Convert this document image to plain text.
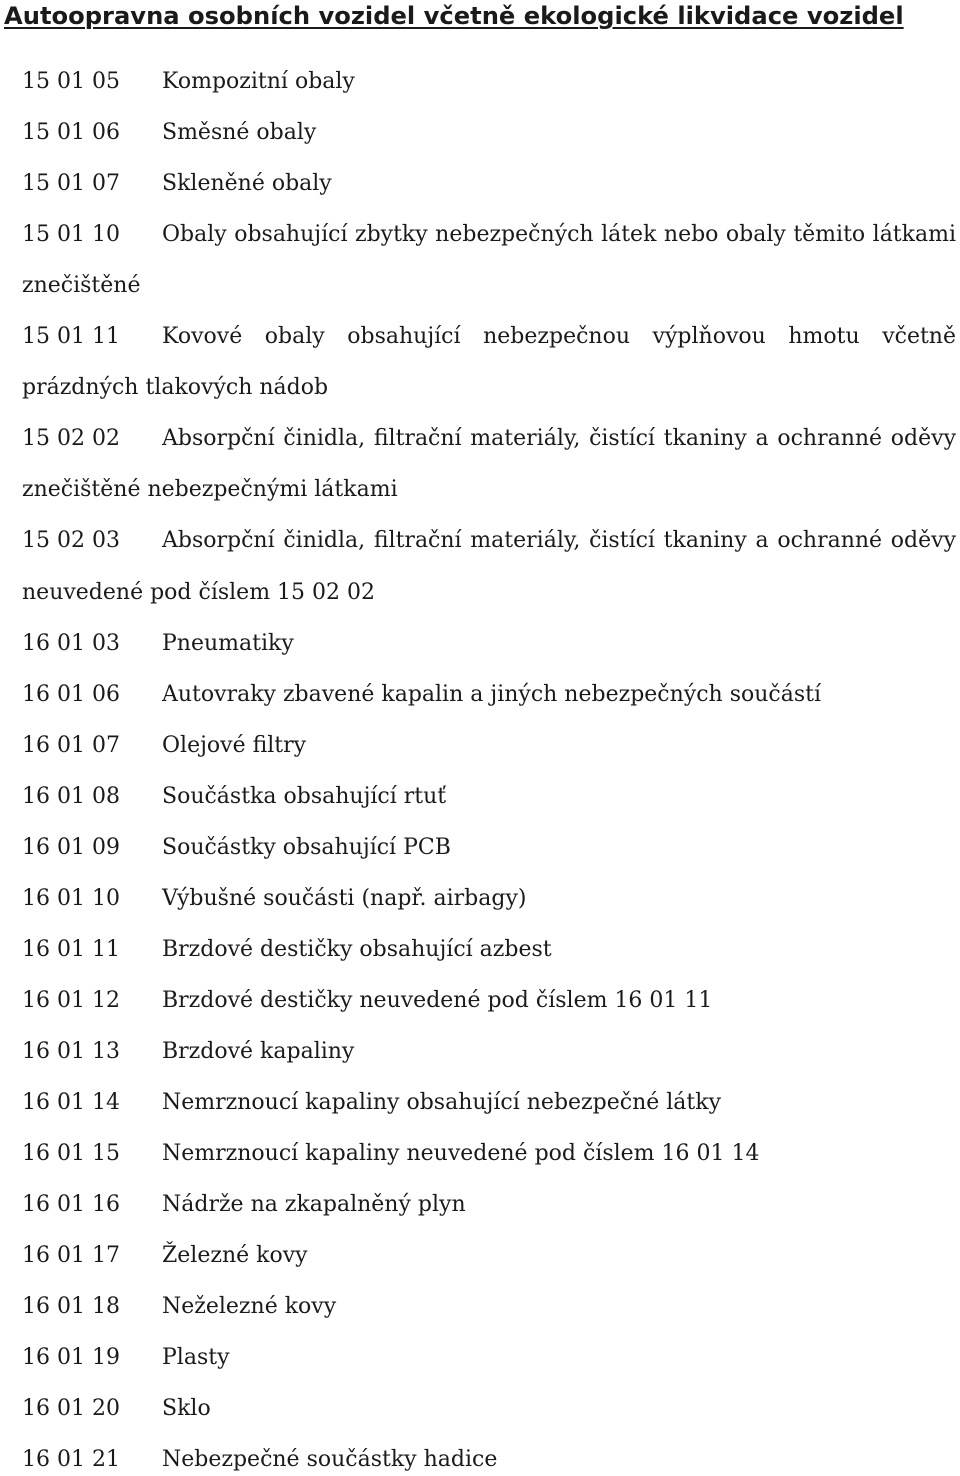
Autoopravna osobních vozidel včetně ekologické likvidace vozidel
15 01 05 Kompozitní obaly
15 01 06 Směsné obaly
15 01 07 Skleněné obaly
15 01 10 Obaly obsahující zbytky nebezpečných látek nebo obaly těmito látkami
znečištěné
15 01 11 Kovové obaly obsahující nebezpečnou výplňovou hmotu včetně
prázdných tlakových nádob
15 02 02 Absorpční činidla, filtrační materiály, čistící tkaniny a ochranné oděvy
znečištěné nebezpečnými látkami
15 02 03 Absorpční činidla, filtrační materiály, čistící tkaniny a ochranné oděvy
neuvedené pod číslem 15 02 02
16 01 03 Pneumatiky
16 01 06 Autovraky zbavené kapalin a jiných nebezpečných součástí
16 01 07 Olejové filtry
16 01 08 Součástka obsahující rtuť
16 01 09 Součástky obsahující PCB
16 01 10 Výbušné součásti (např. airbagy)
16 01 11 Brzdové destičky obsahující azbest
16 01 12 Brzdové destičky neuvedené pod číslem 16 01 11
16 01 13 Brzdové kapaliny
16 01 14 Nemrznoucí kapaliny obsahující nebezpečné látky
16 01 15 Nemrznoucí kapaliny neuvedené pod číslem 16 01 14
16 01 16 Nádrže na zkapalněný plyn
16 01 17 Železné kovy
16 01 18 Neželezné kovy
16 01 19 Plasty
16 01 20 Sklo
16 01 21 Nebezpečné součástky hadice
